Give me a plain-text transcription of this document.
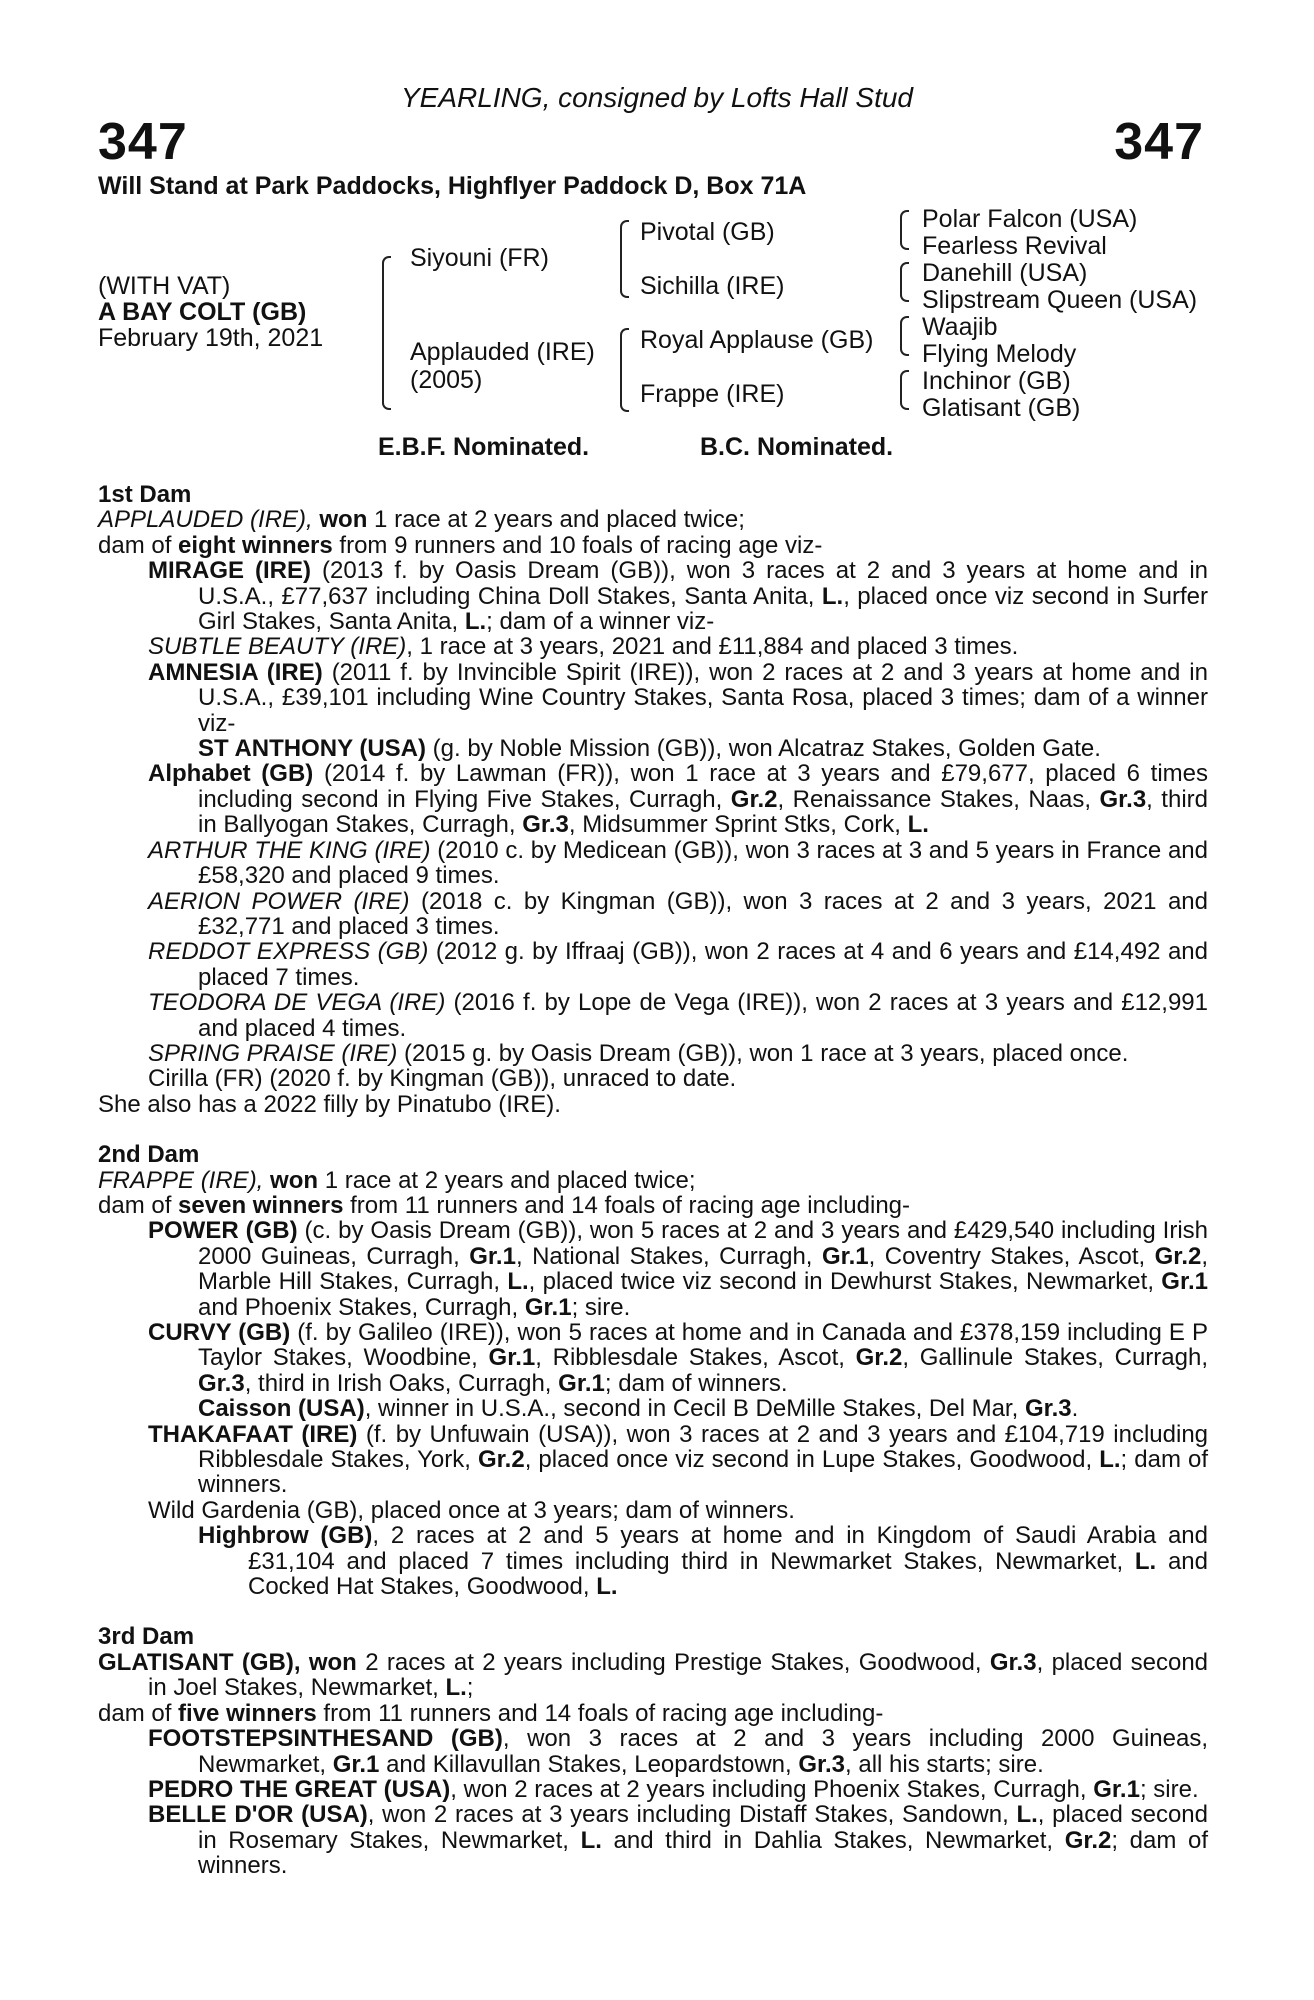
YEARLING, consigned by Lofts Hall Stud
347	347
Will Stand at Park Paddocks, Highflyer Paddock D, Box 71A
(WITH VAT)
A BAY COLT (GB)
February 19th, 2021
Siyouni (FR)
Applauded (IRE)
(2005)
Pivotal (GB)
Sichilla (IRE)
Royal Applause (GB)
Frappe (IRE)
Polar Falcon (USA)
Fearless Revival
Danehill (USA)
Slipstream Queen (USA)
Waajib
Flying Melody
Inchinor (GB)
Glatisant (GB)
E.B.F. Nominated.	B.C. Nominated.

1st Dam

APPLAUDED (IRE), won 1 race at 2 years and placed twice;

dam of eight winners from 9 runners and 10 foals of racing age viz-

MIRAGE (IRE) (2013 f. by Oasis Dream (GB)), won 3 races at 2 and 3 years at home and in U.S.A., £77,637 including China Doll Stakes, Santa Anita, L., placed once viz second in Surfer Girl Stakes, Santa Anita, L.; dam of a winner viz-

SUBTLE BEAUTY (IRE), 1 race at 3 years, 2021 and £11,884 and placed 3 times.

AMNESIA (IRE) (2011 f. by Invincible Spirit (IRE)), won 2 races at 2 and 3 years at home and in U.S.A., £39,101 including Wine Country Stakes, Santa Rosa, placed 3 times; dam of a winner viz-

ST ANTHONY (USA) (g. by Noble Mission (GB)), won Alcatraz Stakes, Golden Gate.

Alphabet (GB) (2014 f. by Lawman (FR)), won 1 race at 3 years and £79,677, placed 6 times including second in Flying Five Stakes, Curragh, Gr.2, Renaissance Stakes, Naas, Gr.3, third in Ballyogan Stakes, Curragh, Gr.3, Midsummer Sprint Stks, Cork, L.

ARTHUR THE KING (IRE) (2010 c. by Medicean (GB)), won 3 races at 3 and 5 years in France and £58,320 and placed 9 times.

AERION POWER (IRE) (2018 c. by Kingman (GB)), won 3 races at 2 and 3 years, 2021 and £32,771 and placed 3 times.

REDDOT EXPRESS (GB) (2012 g. by Iffraaj (GB)), won 2 races at 4 and 6 years and £14,492 and placed 7 times.

TEODORA DE VEGA (IRE) (2016 f. by Lope de Vega (IRE)), won 2 races at 3 years and £12,991 and placed 4 times.

SPRING PRAISE (IRE) (2015 g. by Oasis Dream (GB)), won 1 race at 3 years, placed once.

Cirilla (FR) (2020 f. by Kingman (GB)), unraced to date.

She also has a 2022 filly by Pinatubo (IRE).

2nd Dam

FRAPPE (IRE), won 1 race at 2 years and placed twice;

dam of seven winners from 11 runners and 14 foals of racing age including-

POWER (GB) (c. by Oasis Dream (GB)), won 5 races at 2 and 3 years and £429,540 including Irish 2000 Guineas, Curragh, Gr.1, National Stakes, Curragh, Gr.1, Coventry Stakes, Ascot, Gr.2, Marble Hill Stakes, Curragh, L., placed twice viz second in Dewhurst Stakes, Newmarket, Gr.1 and Phoenix Stakes, Curragh, Gr.1; sire.

CURVY (GB) (f. by Galileo (IRE)), won 5 races at home and in Canada and £378,159 including E P Taylor Stakes, Woodbine, Gr.1, Ribblesdale Stakes, Ascot, Gr.2, Gallinule Stakes, Curragh, Gr.3, third in Irish Oaks, Curragh, Gr.1; dam of winners.

Caisson (USA), winner in U.S.A., second in Cecil B DeMille Stakes, Del Mar, Gr.3.

THAKAFAAT (IRE) (f. by Unfuwain (USA)), won 3 races at 2 and 3 years and £104,719 including Ribblesdale Stakes, York, Gr.2, placed once viz second in Lupe Stakes, Goodwood, L.; dam of winners.

Wild Gardenia (GB), placed once at 3 years; dam of winners.

Highbrow (GB), 2 races at 2 and 5 years at home and in Kingdom of Saudi Arabia and £31,104 and placed 7 times including third in Newmarket Stakes, Newmarket, L. and Cocked Hat Stakes, Goodwood, L.

3rd Dam

GLATISANT (GB), won 2 races at 2 years including Prestige Stakes, Goodwood, Gr.3, placed second in Joel Stakes, Newmarket, L.;

dam of five winners from 11 runners and 14 foals of racing age including-

FOOTSTEPSINTHESAND (GB), won 3 races at 2 and 3 years including 2000 Guineas, Newmarket, Gr.1 and Killavullan Stakes, Leopardstown, Gr.3, all his starts; sire.

PEDRO THE GREAT (USA), won 2 races at 2 years including Phoenix Stakes, Curragh, Gr.1; sire.

BELLE D'OR (USA), won 2 races at 3 years including Distaff Stakes, Sandown, L., placed second in Rosemary Stakes, Newmarket, L. and third in Dahlia Stakes, Newmarket, Gr.2; dam of winners.
